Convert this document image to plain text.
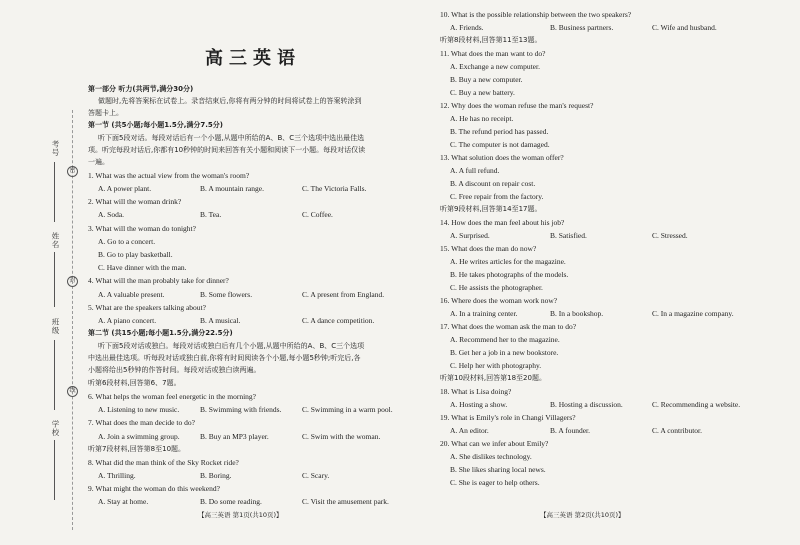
考号
姓名
班级
学校
密
封
线
高三英语
第一部分 听力(共两节,满分30分)
做题时,先将答案标在试卷上。录音结束后,你将有两分钟的时间将试卷上的答案转涂到
答题卡上。
第一节 (共5小题;每小题1.5分,满分7.5分)
听下面5段对话。每段对话后有一个小题,从题中所给的A、B、C三个选项中选出最佳选
项。听完每段对话后,你都有10秒钟的时间来回答有关小题和阅读下一小题。每段对话仅读
一遍。
1. What was the actual view from the woman's room?
A. A power plant.	B. A mountain range.	C. The Victoria Falls.
2. What will the woman drink?
A. Soda.	B. Tea.	C. Coffee.
3. What will the woman do tonight?
A. Go to a concert.
B. Go to play basketball.
C. Have dinner with the man.
4. What will the man probably take for dinner?
A. A valuable present.	B. Some flowers.	C. A present from England.
5. What are the speakers talking about?
A. A piano concert.	B. A musical.	C. A dance competition.
第二节 (共15小题;每小题1.5分,满分22.5分)
听下面5段对话或独白。每段对话或独白后有几个小题,从题中所给的A、B、C三个选项
中选出最佳选项。听每段对话或独白前,你将有时间阅读各个小题,每小题5秒钟;听完后,各
小题将给出5秒钟的作答时间。每段对话或独白读两遍。
听第6段材料,回答第6、7题。
6. What helps the woman feel energetic in the morning?
A. Listening to new music.	B. Swimming with friends.	C. Swimming in a warm pool.
7. What does the man decide to do?
A. Join a swimming group.	B. Buy an MP3 player.	C. Swim with the woman.
听第7段材料,回答第8至10题。
8. What did the man think of the Sky Rocket ride?
A. Thrilling.	B. Boring.	C. Scary.
9. What might the woman do this weekend?
A. Stay at home.	B. Do some reading.	C. Visit the amusement park.
【高三英语 第1页(共10页)】
10. What is the possible relationship between the two speakers?
A. Friends.	B. Business partners.	C. Wife and husband.
听第8段材料,回答第11至13题。
11. What does the man want to do?
A. Exchange a new computer.
B. Buy a new computer.
C. Buy a new battery.
12. Why does the woman refuse the man's request?
A. He has no receipt.
B. The refund period has passed.
C. The computer is not damaged.
13. What solution does the woman offer?
A. A full refund.
B. A discount on repair cost.
C. Free repair from the factory.
听第9段材料,回答第14至17题。
14. How does the man feel about his job?
A. Surprised.	B. Satisfied.	C. Stressed.
15. What does the man do now?
A. He writes articles for the magazine.
B. He takes photographs of the models.
C. He assists the photographer.
16. Where does the woman work now?
A. In a training center.	B. In a bookshop.	C. In a magazine company.
17. What does the woman ask the man to do?
A. Recommend her to the magazine.
B. Get her a job in a new bookstore.
C. Help her with photography.
听第10段材料,回答第18至20题。
18. What is Lisa doing?
A. Hosting a show.	B. Hosting a discussion.	C. Recommending a website.
19. What is Emily's role in Changi Villagers?
A. An editor.	B. A founder.	C. A contributor.
20. What can we infer about Emily?
A. She dislikes technology.
B. She likes sharing local news.
C. She is eager to help others.
【高三英语 第2页(共10页)】
